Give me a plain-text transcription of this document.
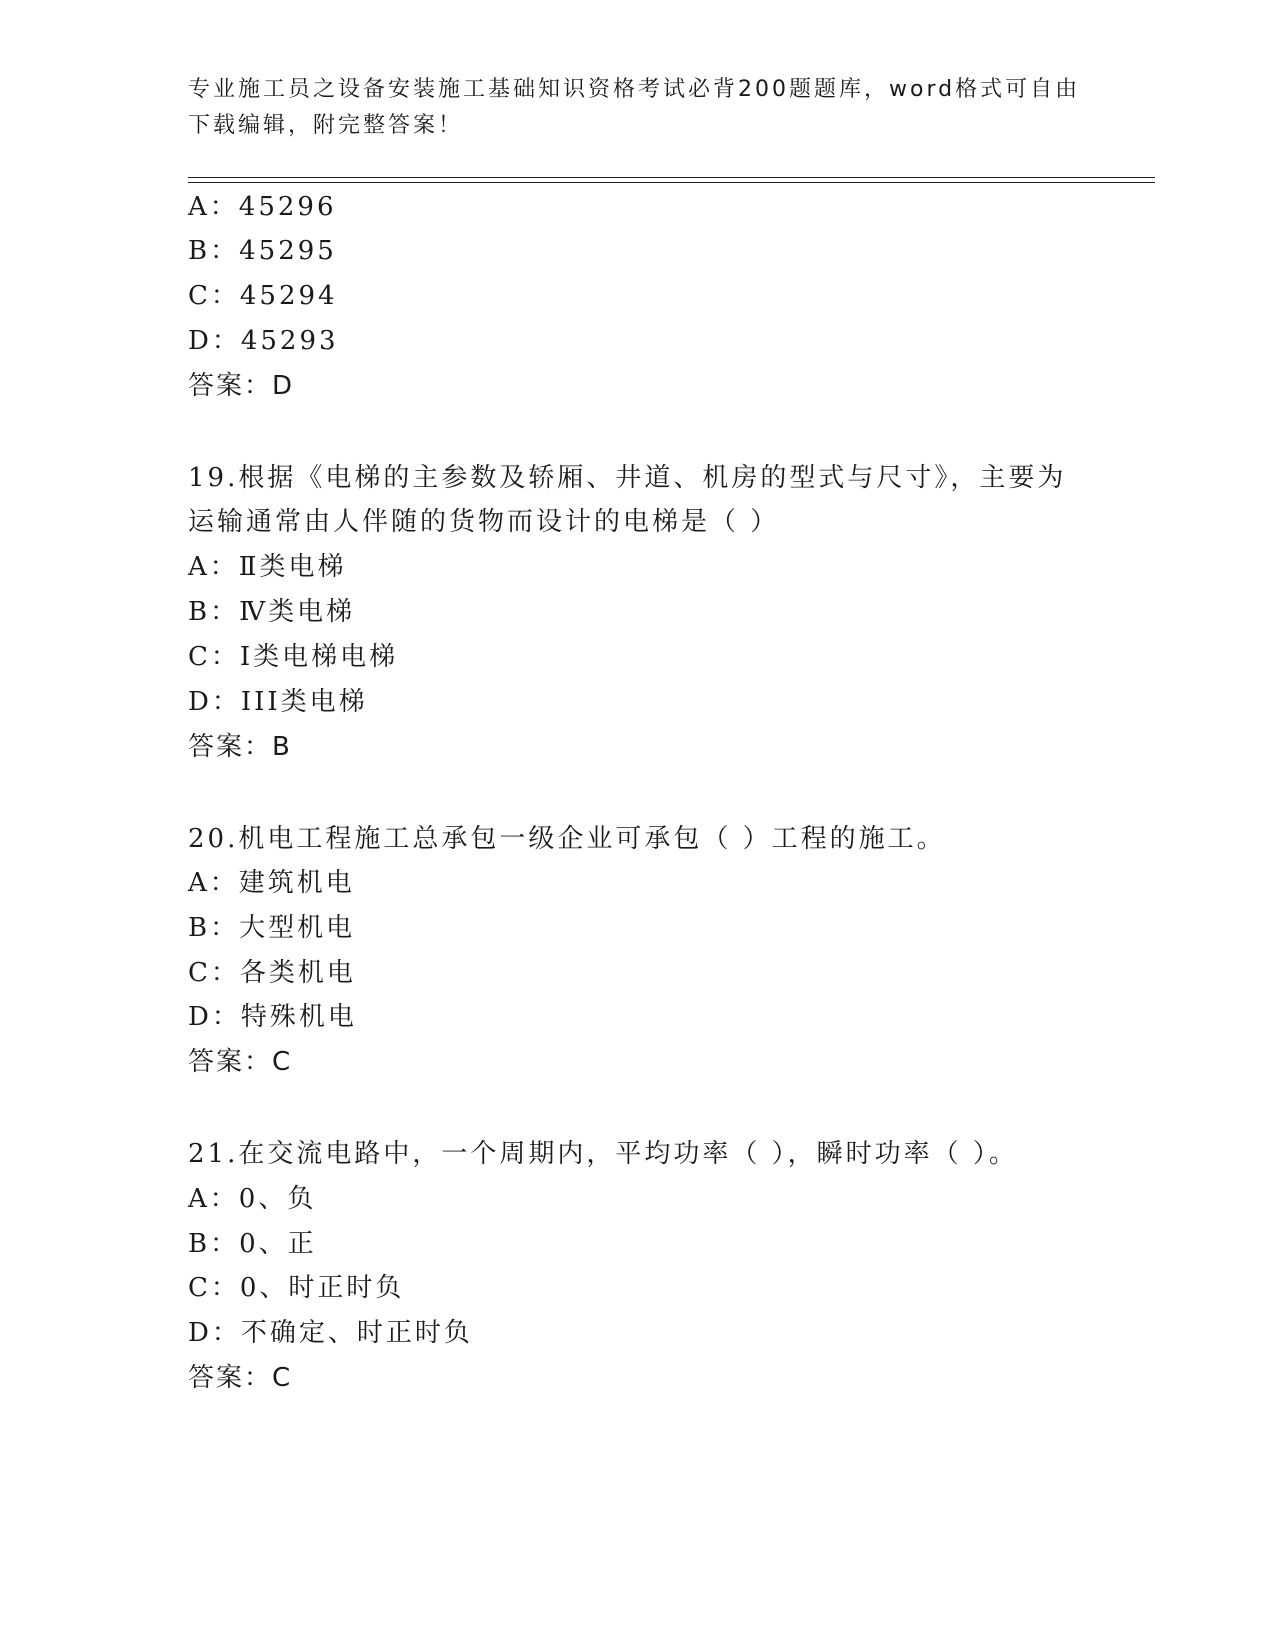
专业施工员之设备安装施工基础知识资格考试必背200题题库，word格式可自由
下载编辑，附完整答案！
A：45296
B：45295
C：45294
D：45293
答案：D
19.根据《电梯的主参数及轿厢、井道、机房的型式与尺寸》，主要为
运输通常由人伴随的货物而设计的电梯是（ ）
A：Ⅱ类电梯
B：Ⅳ类电梯
C：Ⅰ类电梯电梯
D：III类电梯
答案：B
20.机电工程施工总承包一级企业可承包（ ）工程的施工。
A：建筑机电
B：大型机电
C：各类机电
D：特殊机电
答案：C
21.在交流电路中，一个周期内，平均功率（ ），瞬时功率（ ）。
A：0、负
B：0、正
C：0、时正时负
D：不确定、时正时负
答案：C
